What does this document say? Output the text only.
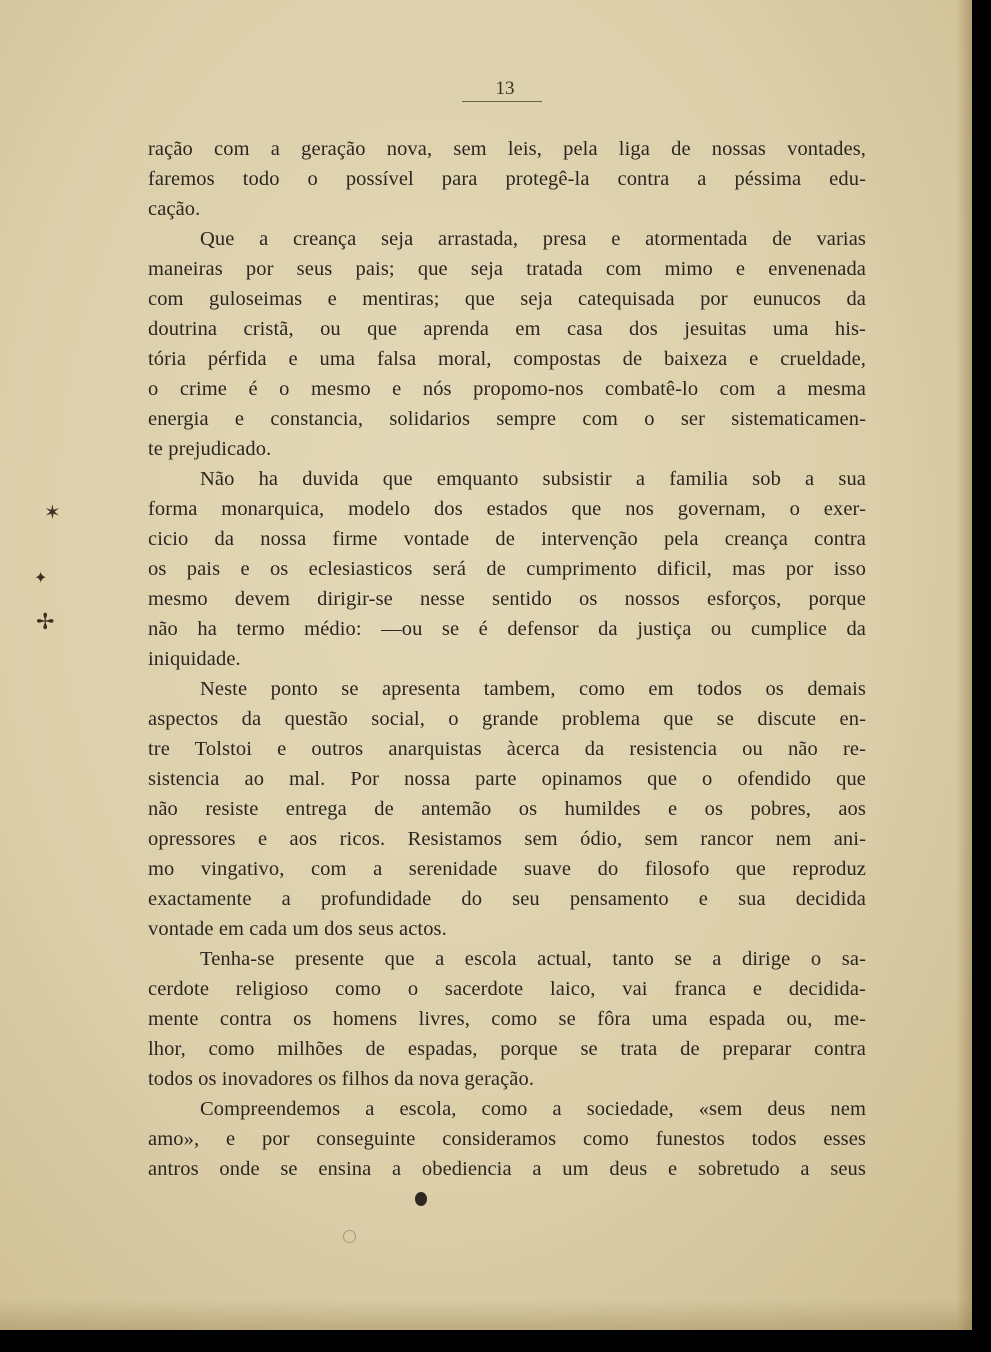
13
ração com a geração nova, sem leis, pela liga de nossas vontades,
faremos todo o possível para protegê-la contra a péssima edu-
cação.
Que a creança seja arrastada, presa e atormentada de varias
maneiras por seus pais; que seja tratada com mimo e envenenada
com guloseimas e mentiras; que seja catequisada por eunucos da
doutrina cristã, ou que aprenda em casa dos jesuitas uma his-
tória pérfida e uma falsa moral, compostas de baixeza e crueldade,
o crime é o mesmo e nós propomo-nos combatê-lo com a mesma
energia e constancia, solidarios sempre com o ser sistematicamen-
te prejudicado.
Não ha duvida que emquanto subsistir a familia sob a sua
forma monarquica, modelo dos estados que nos governam, o exer-
cicio da nossa firme vontade de intervenção pela creança contra
os pais e os eclesiasticos será de cumprimento dificil, mas por isso
mesmo devem dirigir-se nesse sentido os nossos esforços, porque
não ha termo médio: —ou se é defensor da justiça ou cumplice da
iniquidade.
Neste ponto se apresenta tambem, como em todos os demais
aspectos da questão social, o grande problema que se discute en-
tre Tolstoi e outros anarquistas àcerca da resistencia ou não re-
sistencia ao mal. Por nossa parte opinamos que o ofendido que
não resiste entrega de antemão os humildes e os pobres, aos
opressores e aos ricos. Resistamos sem ódio, sem rancor nem ani-
mo vingativo, com a serenidade suave do filosofo que reproduz
exactamente a profundidade do seu pensamento e sua decidida
vontade em cada um dos seus actos.
Tenha-se presente que a escola actual, tanto se a dirige o sa-
cerdote religioso como o sacerdote laico, vai franca e decidida-
mente contra os homens livres, como se fôra uma espada ou, me-
lhor, como milhões de espadas, porque se trata de preparar contra
todos os inovadores os filhos da nova geração.
Compreendemos a escola, como a sociedade, «sem deus nem
amo», e por conseguinte consideramos como funestos todos esses
antros onde se ensina a obediencia a um deus e sobretudo a seus
✶
✦
✢
